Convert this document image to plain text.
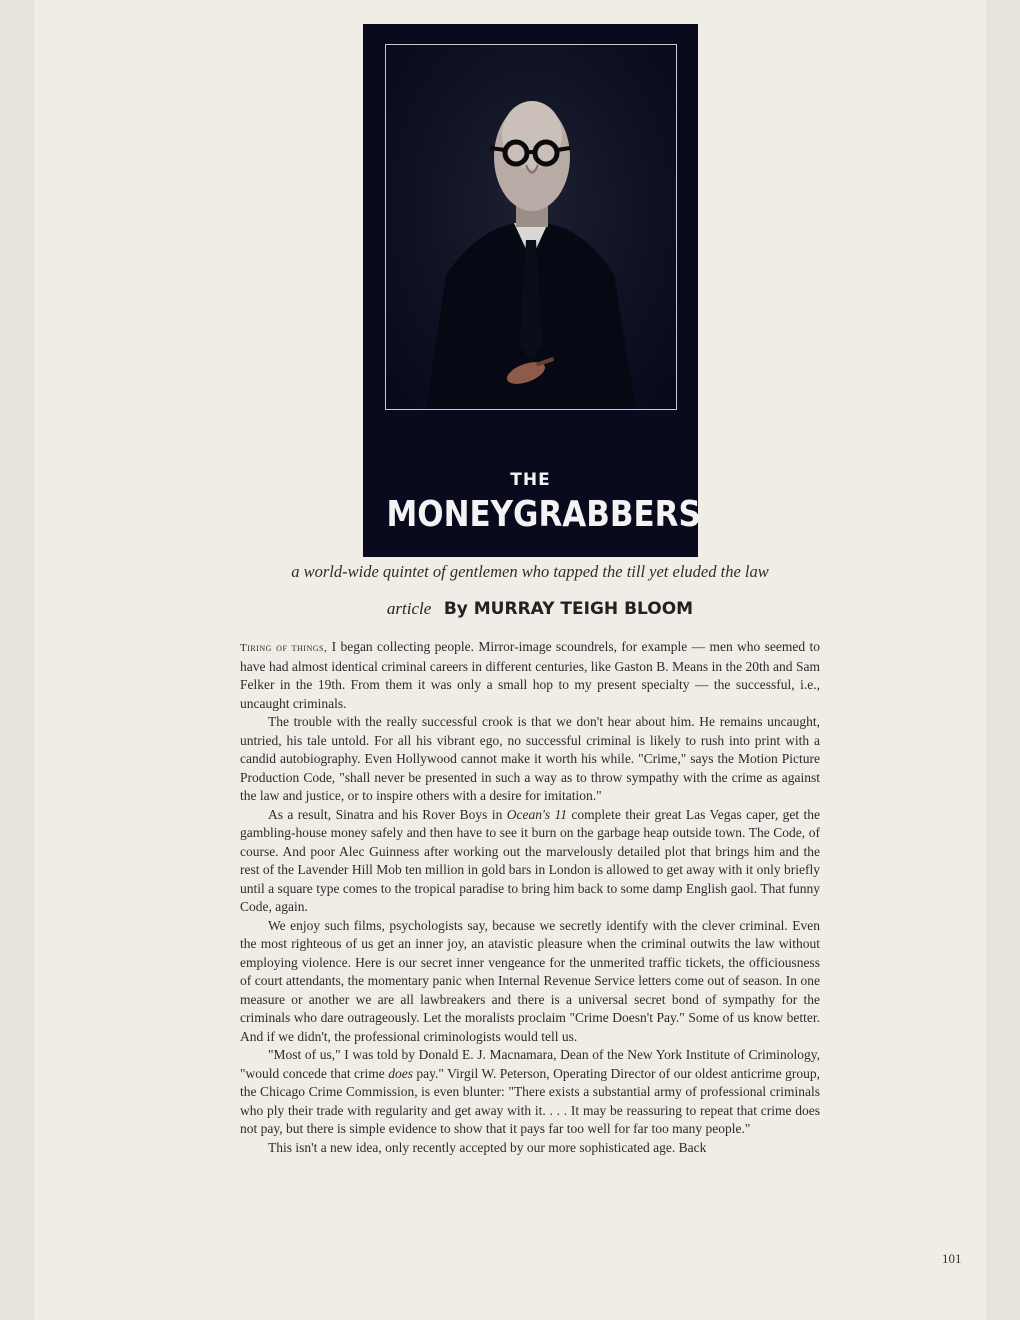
THE
MONEYGRABBERS
a world-wide quintet of gentlemen who tapped the till yet eluded the law
article By MURRAY TEIGH BLOOM

Tiring of things, I began collecting people. Mirror-image scoundrels, for example — men who seemed to have had almost identical criminal careers in different centuries, like Gaston B. Means in the 20th and Sam Felker in the 19th. From them it was only a small hop to my present specialty — the successful, i.e., uncaught criminals.

The trouble with the really successful crook is that we don't hear about him. He remains uncaught, untried, his tale untold. For all his vibrant ego, no successful criminal is likely to rush into print with a candid autobiography. Even Hollywood cannot make it worth his while. "Crime," says the Motion Picture Production Code, "shall never be presented in such a way as to throw sympathy with the crime as against the law and justice, or to inspire others with a desire for imitation."

As a result, Sinatra and his Rover Boys in Ocean's 11 complete their great Las Vegas caper, get the gambling-house money safely and then have to see it burn on the garbage heap outside town. The Code, of course. And poor Alec Guinness after working out the marvelously detailed plot that brings him and the rest of the Lavender Hill Mob ten million in gold bars in London is allowed to get away with it only briefly until a square type comes to the tropical paradise to bring him back to some damp English gaol. That funny Code, again.

We enjoy such films, psychologists say, because we secretly identify with the clever criminal. Even the most righteous of us get an inner joy, an atavistic pleasure when the criminal outwits the law without employing violence. Here is our secret inner vengeance for the unmerited traffic tickets, the officiousness of court attendants, the momentary panic when Internal Revenue Service letters come out of season. In one measure or another we are all lawbreakers and there is a universal secret bond of sympathy for the criminals who dare outrageously. Let the moralists proclaim "Crime Doesn't Pay." Some of us know better. And if we didn't, the professional criminologists would tell us.

"Most of us," I was told by Donald E. J. Macnamara, Dean of the New York Institute of Criminology, "would concede that crime does pay." Virgil W. Peterson, Operating Director of our oldest anticrime group, the Chicago Crime Commission, is even blunter: "There exists a substantial army of professional criminals who ply their trade with regularity and get away with it. . . . It may be reassuring to repeat that crime does not pay, but there is simple evidence to show that it pays far too well for far too many people."

This isn't a new idea, only recently accepted by our more sophisticated age. Back

101
